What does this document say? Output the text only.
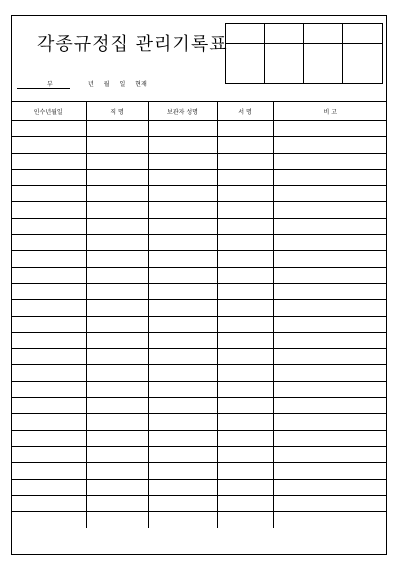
각종규정집 관리기록표
부	년 월 일 현재
인수년월일	직 명	보관자 성명	서 명	비 고
